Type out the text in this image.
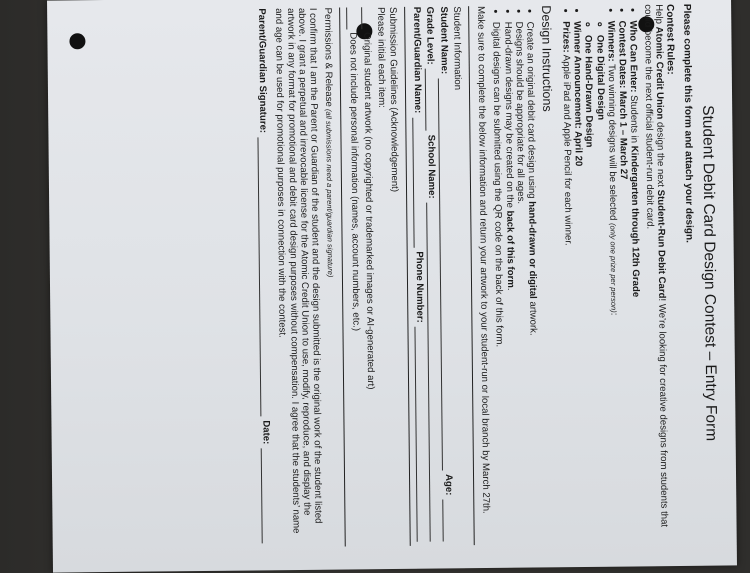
Student Debit Card Design Contest – Entry Form
Please complete this form and attach your design.
Contest Rules:

Help Atomic Credit Union design the next Student-Run Debit Card! We’re looking for creative designs from students that could become the next official student-run debit card.

• Who Can Enter: Students in Kindergarten through 12th Grade
• Contest Dates: March 1 – March 27
• Winners: Two winning designs will be selected (only one prize per person):
◦ One Digital Design
◦ One Hand-Drawn Design
• Winner Announcement: April 20
• Prizes: Apple iPad and Apple Pencil for each winner.
Design Instructions
• Create an original debit card design using hand-drawn or digital artwork.
• Designs should be appropriate for all ages.
• Hand-drawn designs may be created on the back of this form.
• Digital designs can be submitted using the QR code on the back of this form.

Make sure to complete the below information and return your artwork to your student-run or local branch by March 27th.

Student Information

Student Name:
Age:
Grade Level:
School Name:
Parent/Guardian Name:
Phone Number:

Submission Guidelines (Acknowledgement)

Please initial each item:

Original student artwork (no copyrighted or trademarked images or AI-generated art)
Does not include personal information (names, account numbers, etc.)

Permissions & Release (all submissions need a parent/guardian signature)

I confirm that I am the Parent or Guardian of the student and the design submitted is the original work of the student listed above. I grant a perpetual and irrevocable license for the Atomic Credit Union to use, modify, reproduce, and display the artwork in any format for promotional and debit card design purposes without compensation. I agree that the students’ name and age can be used for promotional purposes in connection with the contest.

Parent/Guardian Signature:
Date:
